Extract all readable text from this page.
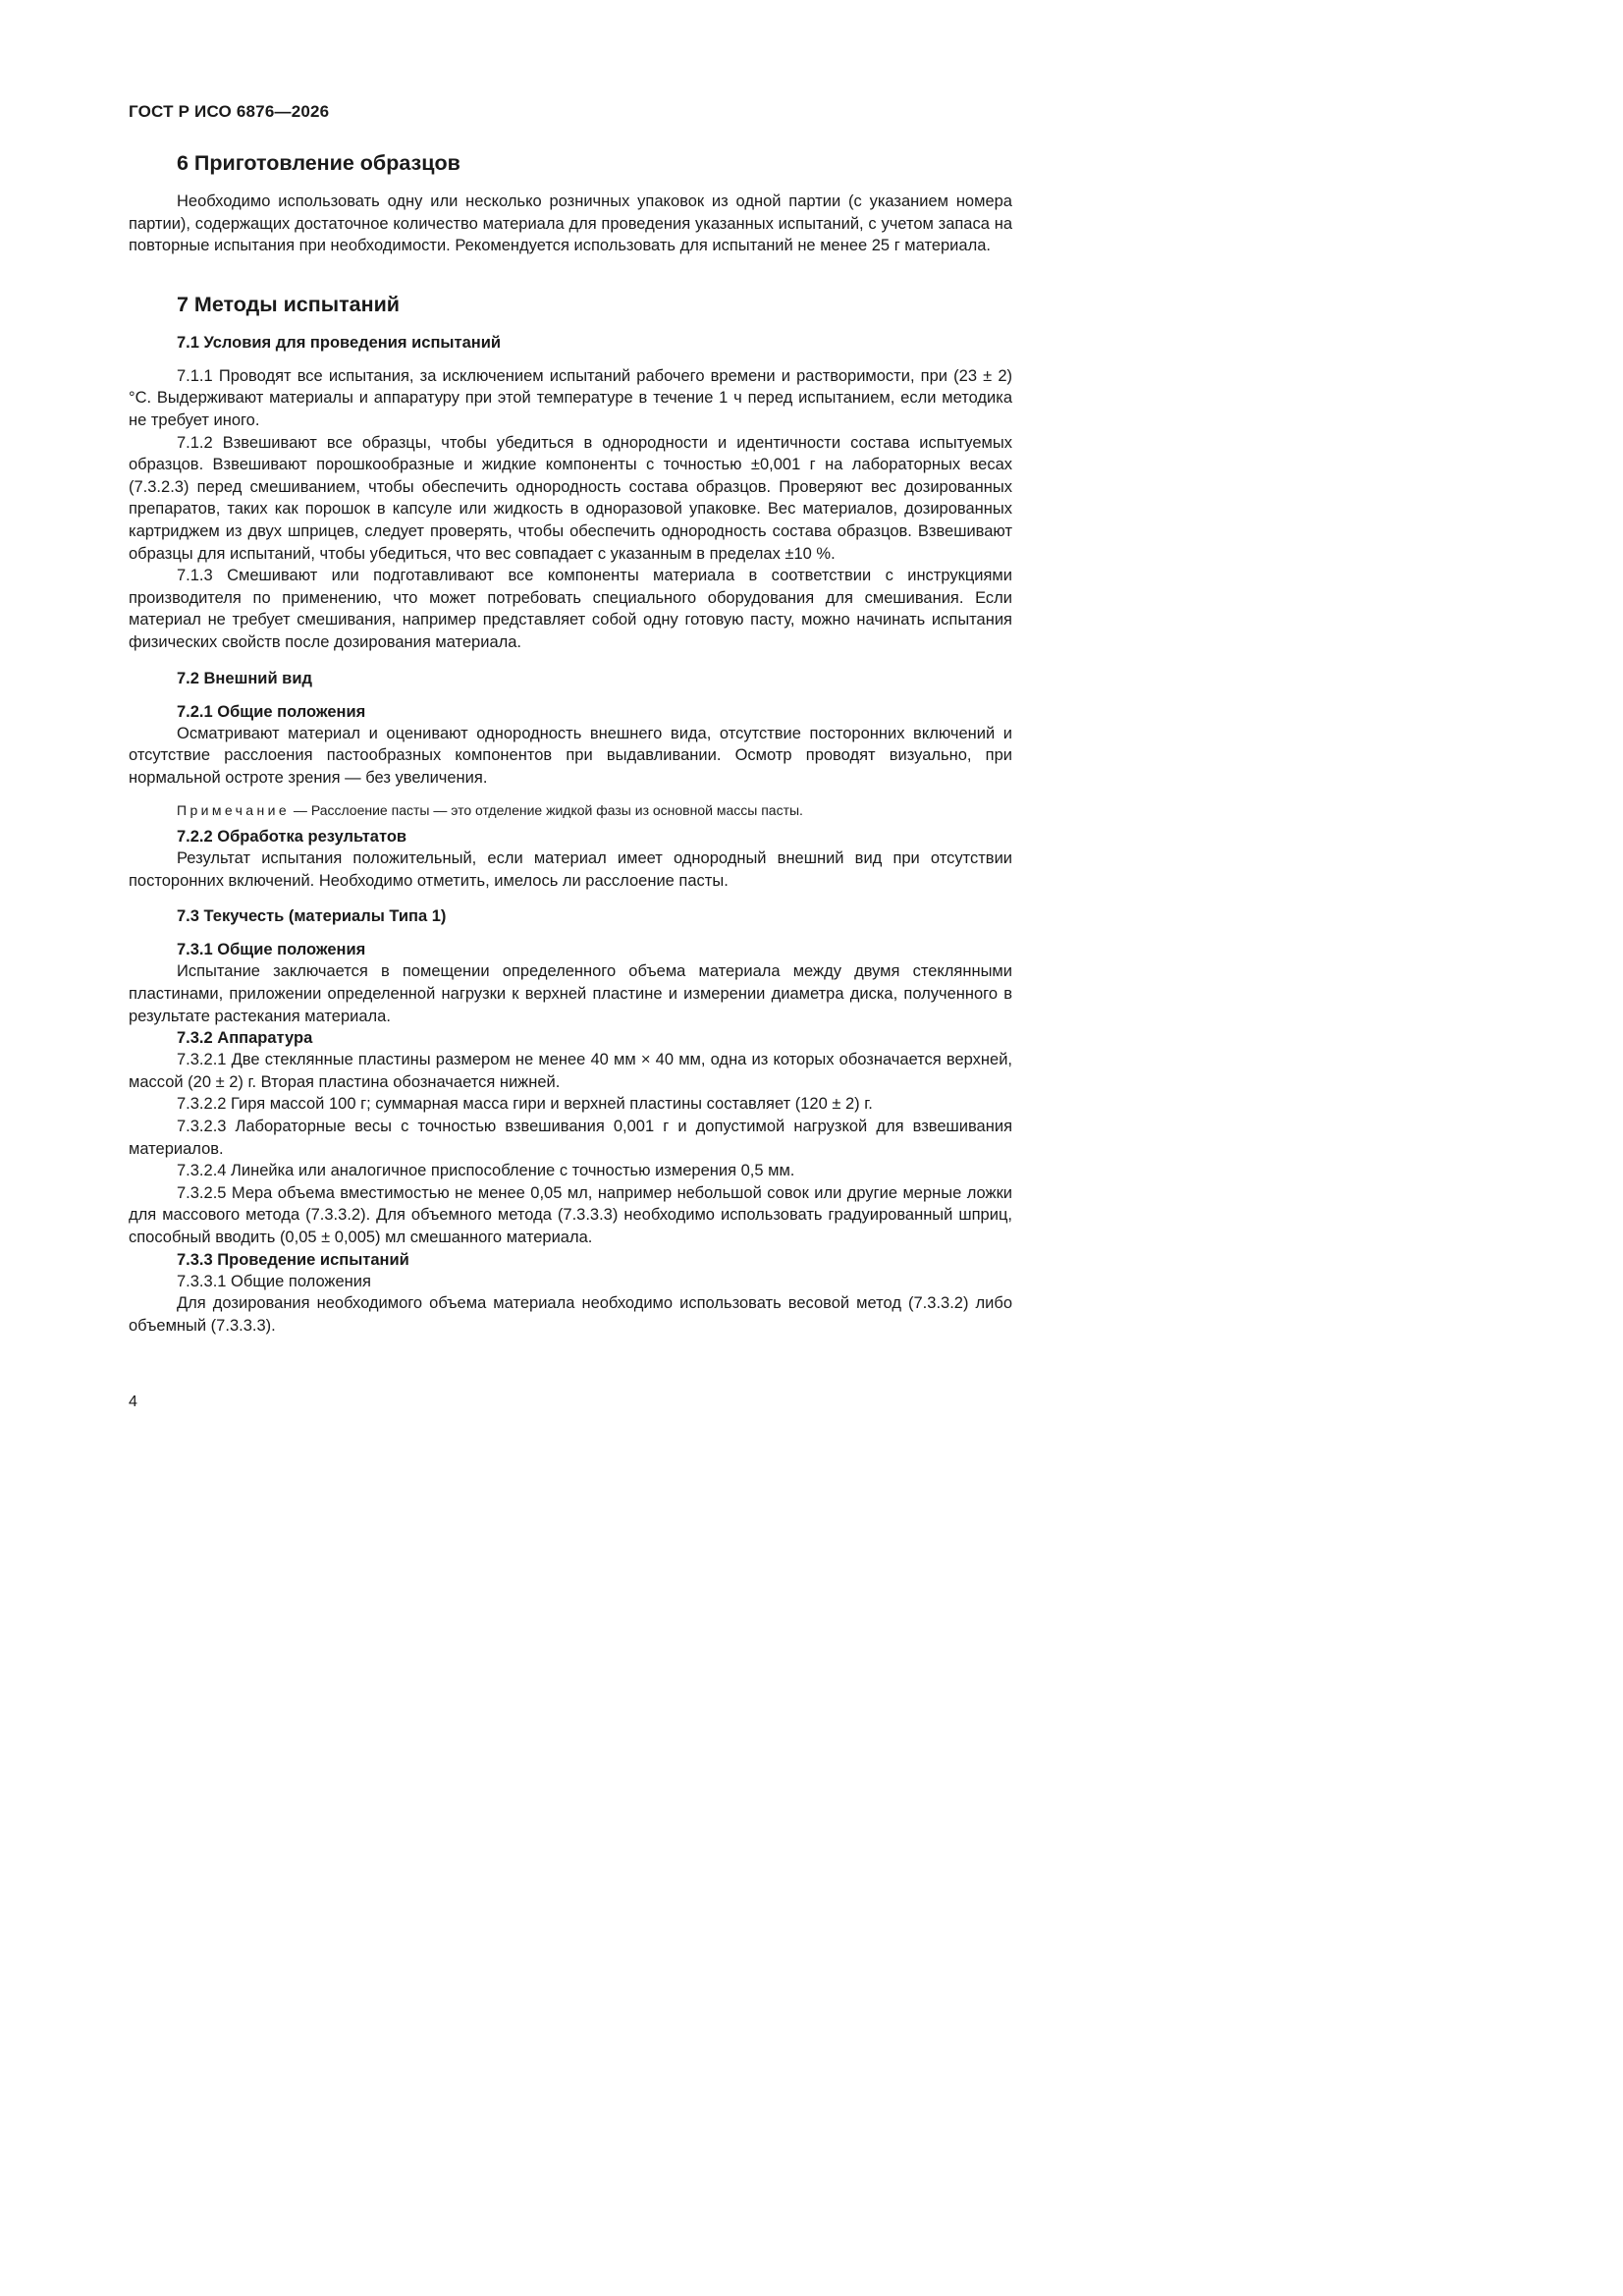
ГОСТ Р ИСО 6876—2026
6 Приготовление образцов

Необходимо использовать одну или несколько розничных упаковок из одной партии (с указанием номера партии), содержащих достаточное количество материала для проведения указанных испытаний, с учетом запаса на повторные испытания при необходимости. Рекомендуется использовать для испытаний не менее 25 г материала.

7 Методы испытаний
7.1 Условия для проведения испытаний

7.1.1 Проводят все испытания, за исключением испытаний рабочего времени и растворимости, при (23 ± 2) °С. Выдерживают материалы и аппаратуру при этой температуре в течение 1 ч перед испытанием, если методика не требует иного.

7.1.2 Взвешивают все образцы, чтобы убедиться в однородности и идентичности состава испытуемых образцов. Взвешивают порошкообразные и жидкие компоненты с точностью ±0,001 г на лабораторных весах (7.3.2.3) перед смешиванием, чтобы обеспечить однородность состава образцов. Проверяют вес дозированных препаратов, таких как порошок в капсуле или жидкость в одноразовой упаковке. Вес материалов, дозированных картриджем из двух шприцев, следует проверять, чтобы обеспечить однородность состава образцов. Взвешивают образцы для испытаний, чтобы убедиться, что вес совпадает с указанным в пределах ±10 %.

7.1.3 Смешивают или подготавливают все компоненты материала в соответствии с инструкциями производителя по применению, что может потребовать специального оборудования для смешивания. Если материал не требует смешивания, например представляет собой одну готовую пасту, можно начинать испытания физических свойств после дозирования материала.

7.2 Внешний вид
7.2.1 Общие положения

Осматривают материал и оценивают однородность внешнего вида, отсутствие посторонних включений и отсутствие расслоения пастообразных компонентов при выдавливании. Осмотр проводят визуально, при нормальной остроте зрения — без увеличения.

Примечание — Расслоение пасты — это отделение жидкой фазы из основной массы пасты.
7.2.2 Обработка результатов

Результат испытания положительный, если материал имеет однородный внешний вид при отсутствии посторонних включений. Необходимо отметить, имелось ли расслоение пасты.

7.3 Текучесть (материалы Типа 1)
7.3.1 Общие положения

Испытание заключается в помещении определенного объема материала между двумя стеклянными пластинами, приложении определенной нагрузки к верхней пластине и измерении диаметра диска, полученного в результате растекания материала.

7.3.2 Аппаратура

7.3.2.1 Две стеклянные пластины размером не менее 40 мм × 40 мм, одна из которых обозначается верхней, массой (20 ± 2) г. Вторая пластина обозначается нижней.

7.3.2.2 Гиря массой 100 г; суммарная масса гири и верхней пластины составляет (120 ± 2) г.

7.3.2.3 Лабораторные весы с точностью взвешивания 0,001 г и допустимой нагрузкой для взвешивания материалов.

7.3.2.4 Линейка или аналогичное приспособление с точностью измерения 0,5 мм.

7.3.2.5 Мера объема вместимостью не менее 0,05 мл, например небольшой совок или другие мерные ложки для массового метода (7.3.3.2). Для объемного метода (7.3.3.3) необходимо использовать градуированный шприц, способный вводить (0,05 ± 0,005) мл смешанного материала.

7.3.3 Проведение испытаний

7.3.3.1 Общие положения

Для дозирования необходимого объема материала необходимо использовать весовой метод (7.3.3.2) либо объемный (7.3.3.3).

4
